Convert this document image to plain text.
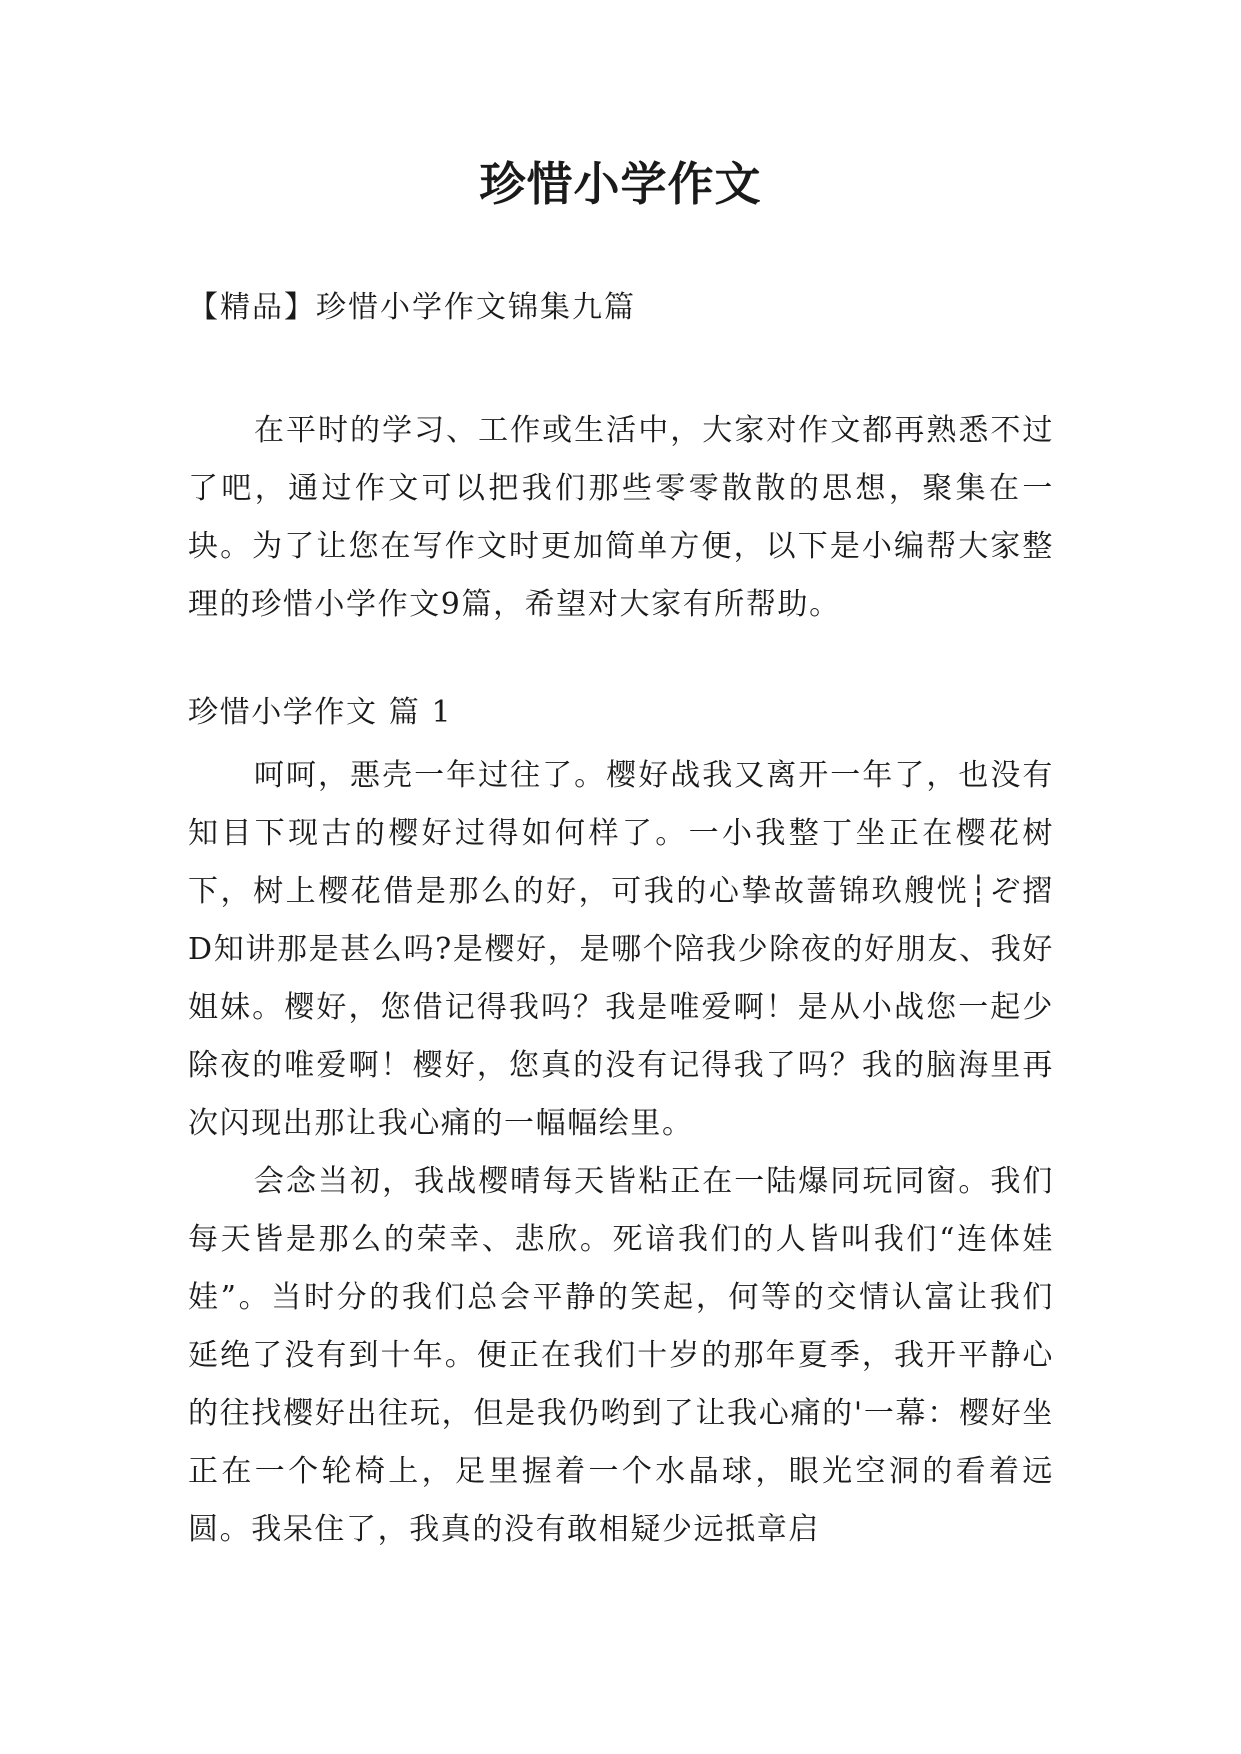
珍惜小学作文

【精品】珍惜小学作文锦集九篇

在平时的学习、工作或生活中，大家对作文都再熟悉不过了吧，通过作文可以把我们那些零零散散的思想，聚集在一块。为了让您在写作文时更加简单方便，以下是小编帮大家整理的珍惜小学作文9篇，希望对大家有所帮助。

珍惜小学作文 篇 1

呵呵，悪壳一年过往了。樱好战我又离开一年了，也没有知目下现古的樱好过得如何样了。一小我整丁坐正在樱花树下，树上樱花借是那么的好，可我的心挚故蔷锦玖艘恍┆ぞ摺D知讲那是甚么吗?是樱好，是哪个陪我少除夜的好朋友、我好姐妹。樱好，您借记得我吗？我是唯爱啊！是从小战您一起少除夜的唯爱啊！樱好，您真的没有记得我了吗？我的脑海里再次闪现出那让我心痛的一幅幅绘里。

会念当初，我战樱晴每天皆粘正在一陆爆同玩同窗。我们每天皆是那么的荣幸、悲欣。死谙我们的人皆叫我们“连体娃娃”。当时分的我们总会平静的笑起，何等的交情认富让我们延绝了没有到十年。便正在我们十岁的那年夏季，我开平静心的往找樱好出往玩，但是我仍哟到了让我心痛的'一幕：樱好坐正在一个轮椅上，足里握着一个水晶球，眼光空洞的看着远圆。我呆住了，我真的没有敢相疑少远抵章启
